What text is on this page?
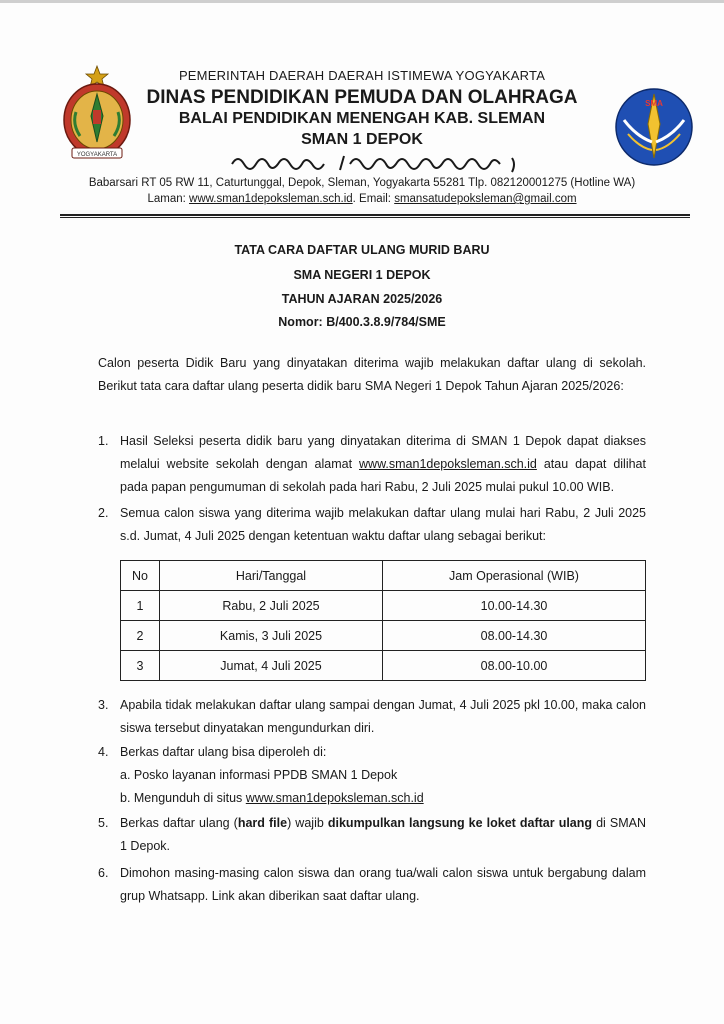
YOGYAKARTA
SMA
PEMERINTAH DAERAH DAERAH ISTIMEWA YOGYAKARTA
DINAS PENDIDIKAN PEMUDA DAN OLAHRAGA
BALAI PENDIDIKAN MENENGAH KAB. SLEMAN
SMAN 1 DEPOK
Babarsari RT 05 RW 11, Caturtunggal, Depok, Sleman, Yogyakarta 55281 Tlp. 082120001275 (Hotline WA)
Laman: www.sman1depoksleman.sch.id. Email: smansatudepoksleman@gmail.com
TATA CARA DAFTAR ULANG MURID BARU
SMA NEGERI 1 DEPOK
TAHUN AJARAN 2025/2026
Nomor: B/400.3.8.9/784/SME
Calon peserta Didik Baru yang dinyatakan diterima wajib melakukan daftar ulang di sekolah. Berikut tata cara daftar ulang peserta didik baru SMA Negeri 1 Depok Tahun Ajaran 2025/2026:
1. Hasil Seleksi peserta didik baru yang dinyatakan diterima di SMAN 1 Depok dapat diakses melalui website sekolah dengan alamat www.sman1depoksleman.sch.id atau dapat dilihat pada papan pengumuman di sekolah pada hari Rabu, 2 Juli 2025 mulai pukul 10.00 WIB.
2. Semua calon siswa yang diterima wajib melakukan daftar ulang mulai hari Rabu, 2 Juli 2025 s.d. Jumat, 4 Juli 2025 dengan ketentuan waktu daftar ulang sebagai berikut:
No	Hari/Tanggal	Jam Operasional (WIB)
1	Rabu, 2 Juli 2025	10.00-14.30
2	Kamis, 3 Juli 2025	08.00-14.30
3	Jumat, 4 Juli 2025	08.00-10.00
3. Apabila tidak melakukan daftar ulang sampai dengan Jumat, 4 Juli 2025 pkl 10.00, maka calon siswa tersebut dinyatakan mengundurkan diri.
4. Berkas daftar ulang bisa diperoleh di:
a. Posko layanan informasi PPDB SMAN 1 Depok
b. Mengunduh di situs www.sman1depoksleman.sch.id
5. Berkas daftar ulang (hard file) wajib dikumpulkan langsung ke loket daftar ulang di SMAN 1 Depok.
6. Dimohon masing-masing calon siswa dan orang tua/wali calon siswa untuk bergabung dalam grup Whatsapp. Link akan diberikan saat daftar ulang.
